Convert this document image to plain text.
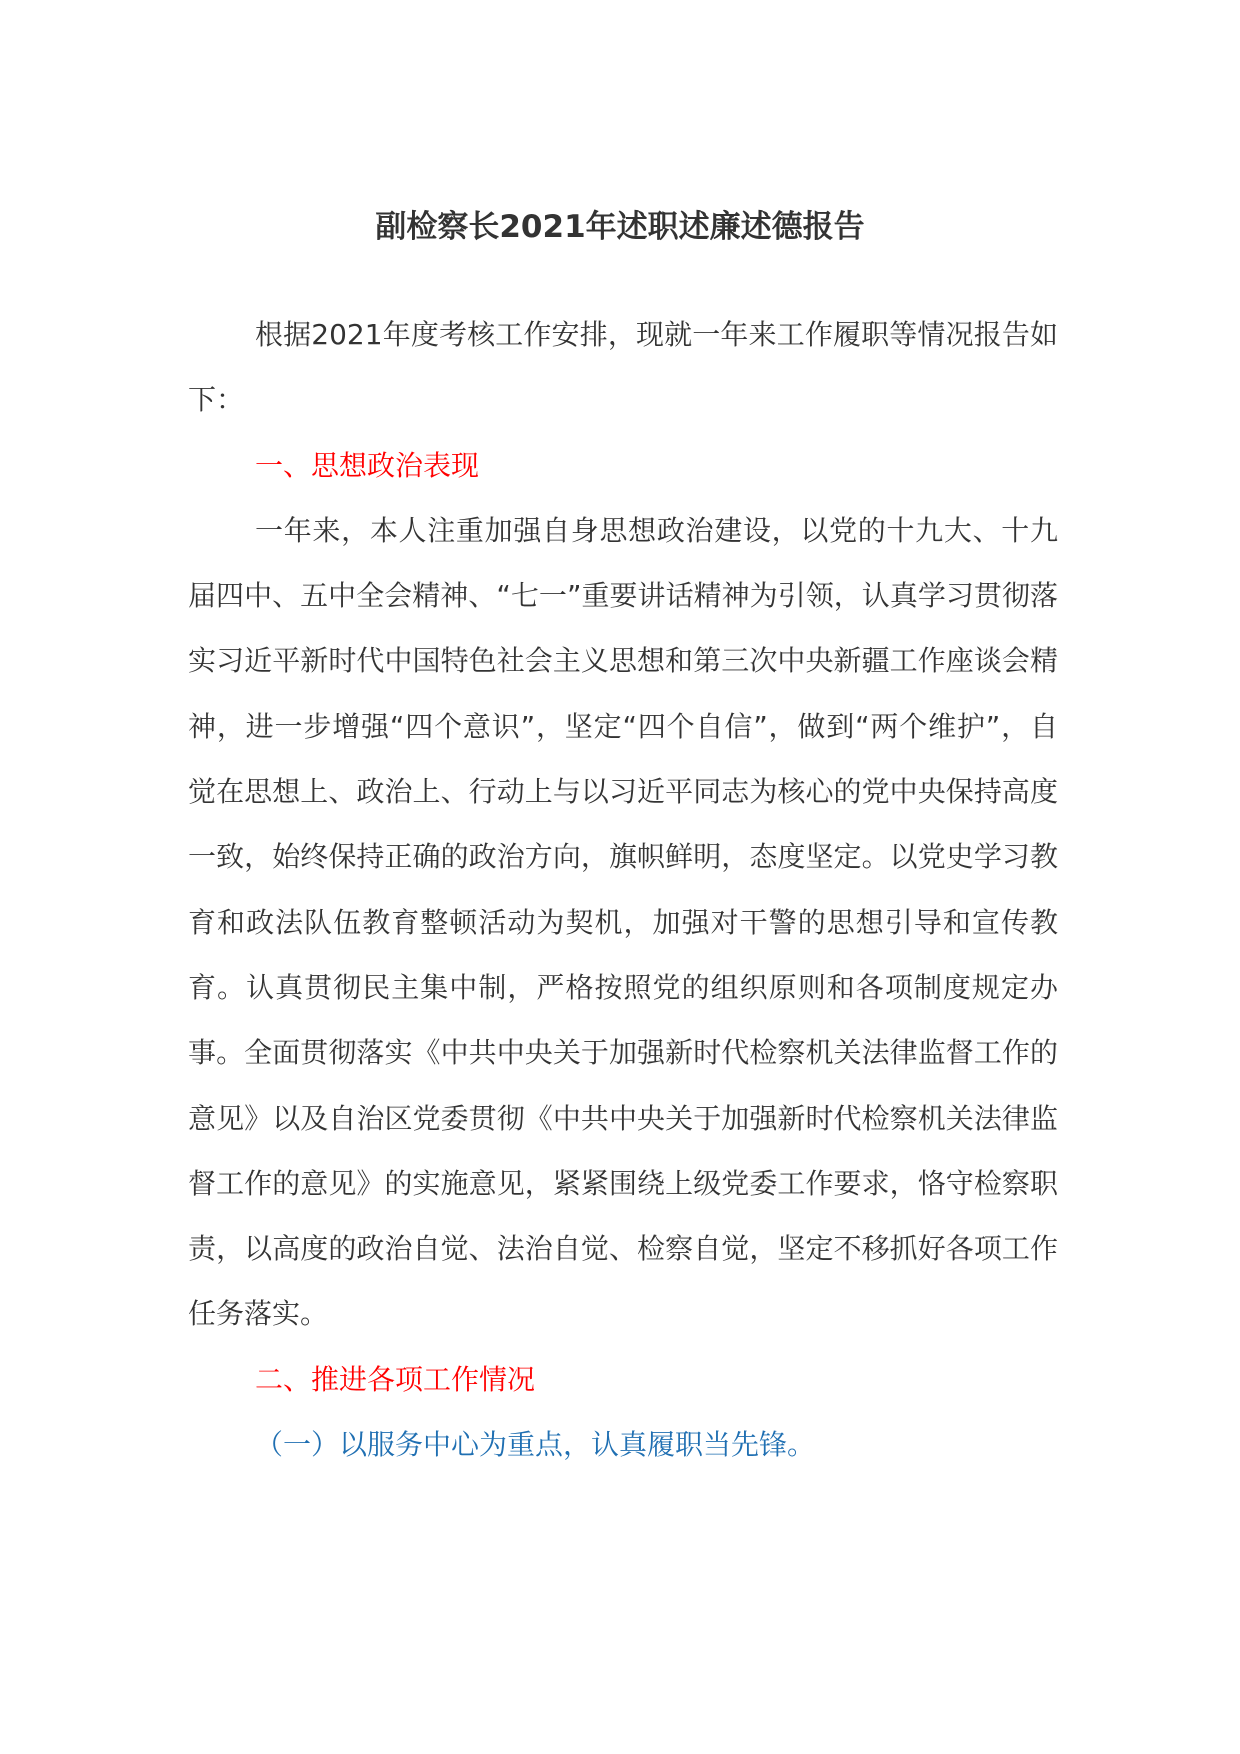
副检察长2021年述职述廉述德报告

根据2021年度考核工作安排，现就一年来工作履职等情况报告如下：

一、思想政治表现

一年来，本人注重加强自身思想政治建设，以党的十九大、十九届四中、五中全会精神、“七一”重要讲话精神为引领，认真学习贯彻落实习近平新时代中国特色社会主义思想和第三次中央新疆工作座谈会精神，进一步增强“四个意识”，坚定“四个自信”，做到“两个维护”，自觉在思想上、政治上、行动上与以习近平同志为核心的党中央保持高度一致，始终保持正确的政治方向，旗帜鲜明，态度坚定。以党史学习教育和政法队伍教育整顿活动为契机，加强对干警的思想引导和宣传教育。认真贯彻民主集中制，严格按照党的组织原则和各项制度规定办事。全面贯彻落实《中共中央关于加强新时代检察机关法律监督工作的意见》以及自治区党委贯彻《中共中央关于加强新时代检察机关法律监督工作的意见》的实施意见，紧紧围绕上级党委工作要求，恪守检察职责，以高度的政治自觉、法治自觉、检察自觉，坚定不移抓好各项工作任务落实。

二、推进各项工作情况

（一）以服务中心为重点，认真履职当先锋。
